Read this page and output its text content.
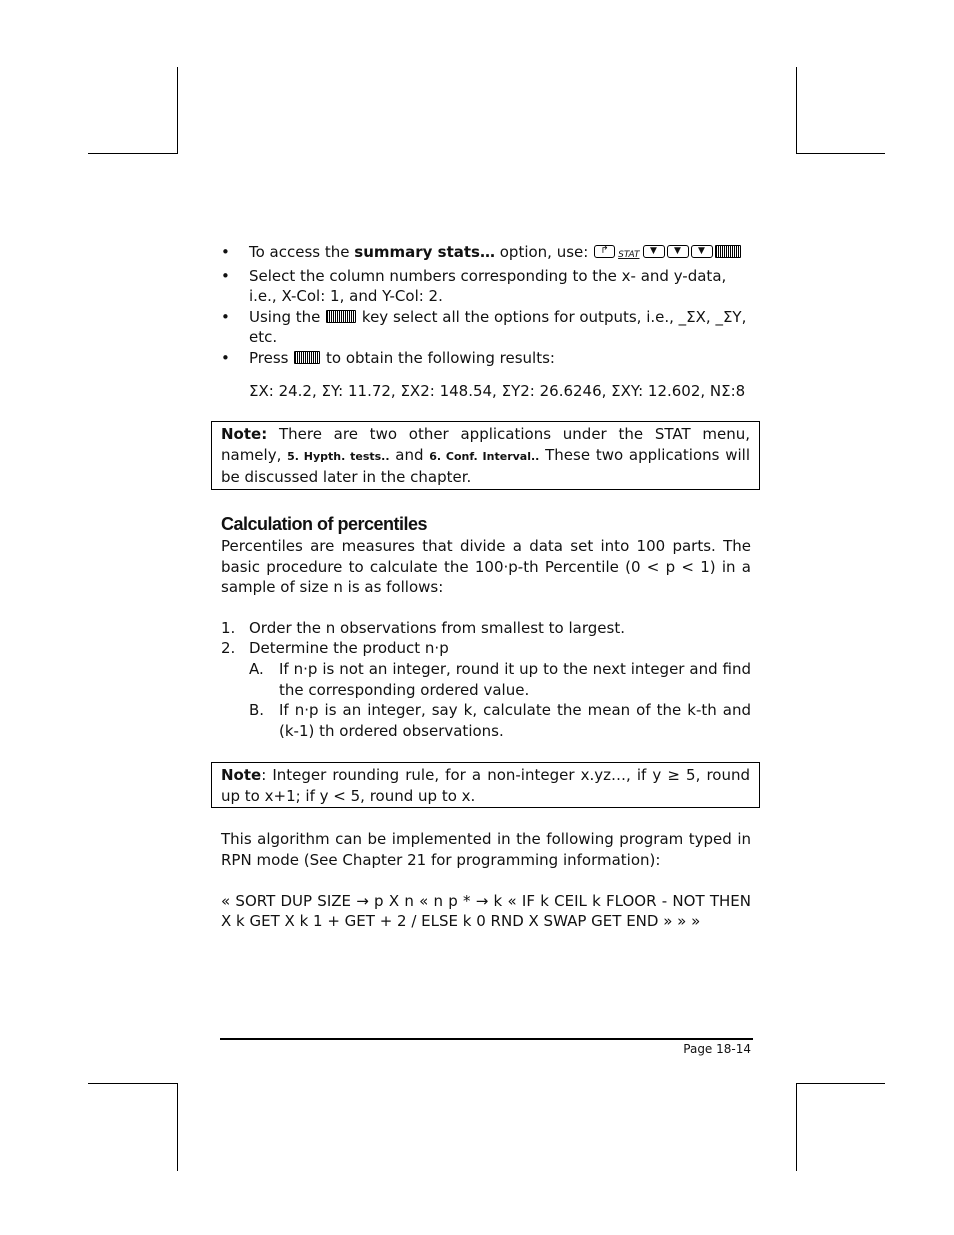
• To access the summary stats… option, use: ↱ STAT ▼ ▼ ▼
• Select the column numbers corresponding to the x- and y-data, i.e., X-Col: 1, and Y-Col: 2.
• Using the  key select all the options for outputs, i.e., _ΣX, _ΣY, etc.
• Press  to obtain the following results:
ΣX: 24.2, ΣY: 11.72, ΣX2: 148.54, ΣY2: 26.6246, ΣXY: 12.602, NΣ:8
Note: There are two other applications under the STAT menu, namely, 5. Hypth. tests.. and 6. Conf. Interval.. These two applications will be discussed later in the chapter.
Calculation of percentiles

Percentiles are measures that divide a data set into 100 parts. The basic procedure to calculate the 100·p-th Percentile (0 < p < 1) in a sample of size n is as follows:

1. Order the n observations from smallest to largest.
2. Determine the product n·p
A. If n·p is not an integer, round it up to the next integer and find the corresponding ordered value.
B. If n·p is an integer, say k, calculate the mean of the k-th and (k-1) th ordered observations.
Note: Integer rounding rule, for a non-integer x.yz…, if y ≥ 5, round up to x+1; if y < 5, round up to x.

This algorithm can be implemented in the following program typed in RPN mode (See Chapter 21 for programming information):

« SORT DUP SIZE → p X n « n p * → k « IF k CEIL k FLOOR - NOT THEN X k GET X k 1 + GET + 2 / ELSE k 0 RND X SWAP GET END » » »

Page 18-14
